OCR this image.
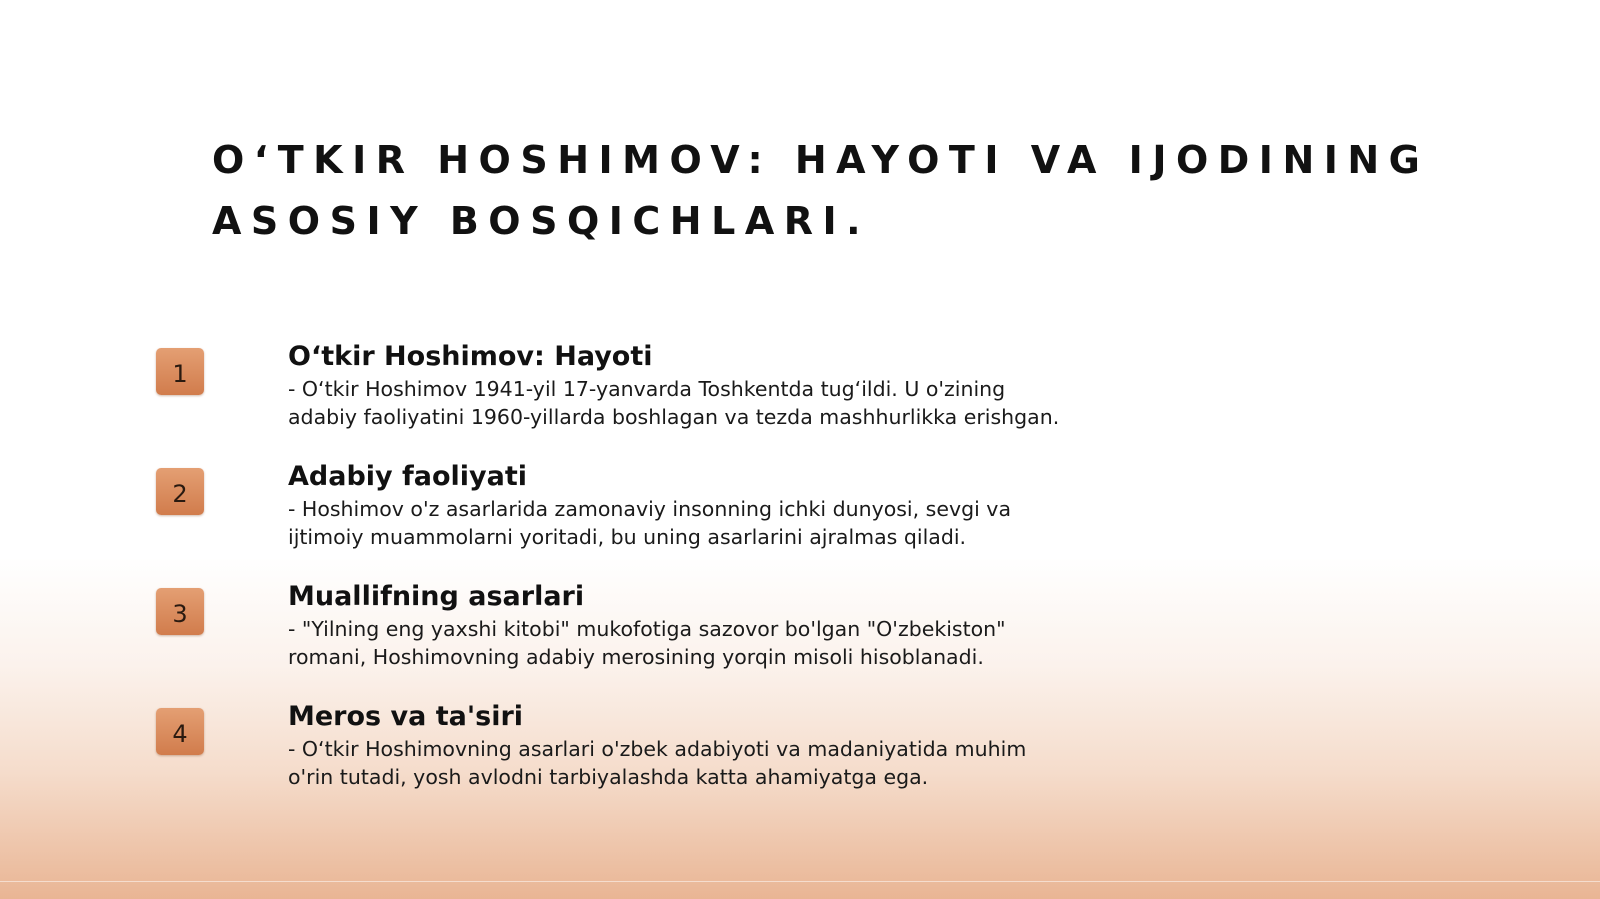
O‘TKIR HOSHIMOV: HAYOTI VA IJODINING ASOSIY BOSQICHLARI.
1
O‘tkir Hoshimov: Hayoti
- O‘tkir Hoshimov 1941-yil 17-yanvarda Toshkentda tug‘ildi. U o'zining
adabiy faoliyatini 1960-yillarda boshlagan va tezda mashhurlikka erishgan.
2
Adabiy faoliyati
- Hoshimov o'z asarlarida zamonaviy insonning ichki dunyosi, sevgi va
ijtimoiy muammolarni yoritadi, bu uning asarlarini ajralmas qiladi.
3
Muallifning asarlari
- "Yilning eng yaxshi kitobi" mukofotiga sazovor bo'lgan "O'zbekiston"
romani, Hoshimovning adabiy merosining yorqin misoli hisoblanadi.
4
Meros va ta'siri
- O‘tkir Hoshimovning asarlari o'zbek adabiyoti va madaniyatida muhim
o'rin tutadi, yosh avlodni tarbiyalashda katta ahamiyatga ega.
